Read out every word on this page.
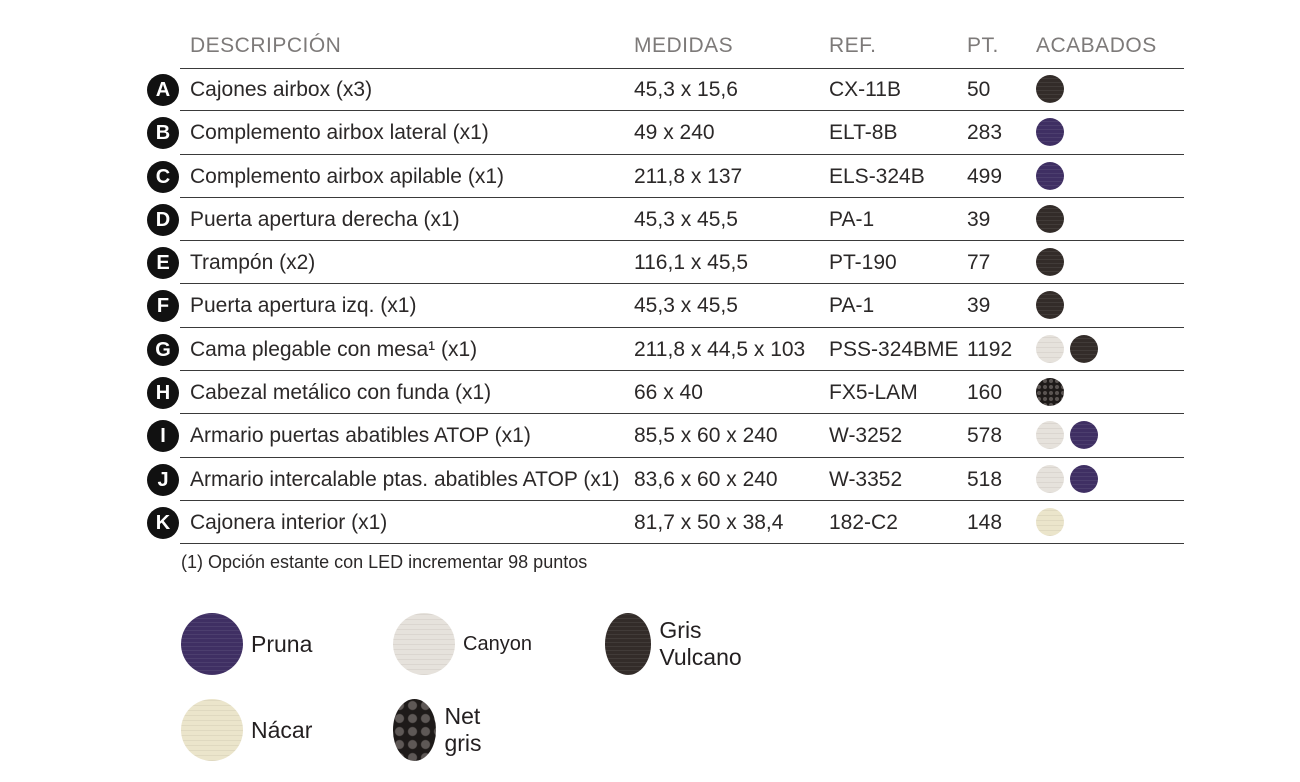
DESCRIPCIÓN	MEDIDAS	REF.	PT. ACABADOS
A Cajones airbox (x3)	45,3 x 15,6	CX-11B	50
B Complemento airbox lateral (x1)	49 x 240	ELT-8B	283
C Complemento airbox apilable (x1)	211,8 x 137	ELS-324B 499
D Puerta apertura derecha (x1)	45,3 x 45,5	PA-1	39
E Trampón (x2)	116,1 x 45,5	PT-190	77
F Puerta apertura izq. (x1)	45,3 x 45,5	PA-1	39
G Cama plegable con mesa¹ (x1)	211,8 x 44,5 x 103 PSS-324BME 1192
H Cabezal metálico con funda (x1)	66 x 40	FX5-LAM 160
I	Armario puertas abatibles ATOP (x1)	85,5 x 60 x 240 W-3252	578
J	Armario intercalable ptas. abatibles ATOP (x1) 83,6 x 60 x 240 W-3352	518
K Cajonera interior (x1)	81,7 x 50 x 38,4 182-C2	148
(1) Opción estante con LED incrementar 98 puntos
Pruna	Canyon
Gris Vulcano
Nácar
Net gris
